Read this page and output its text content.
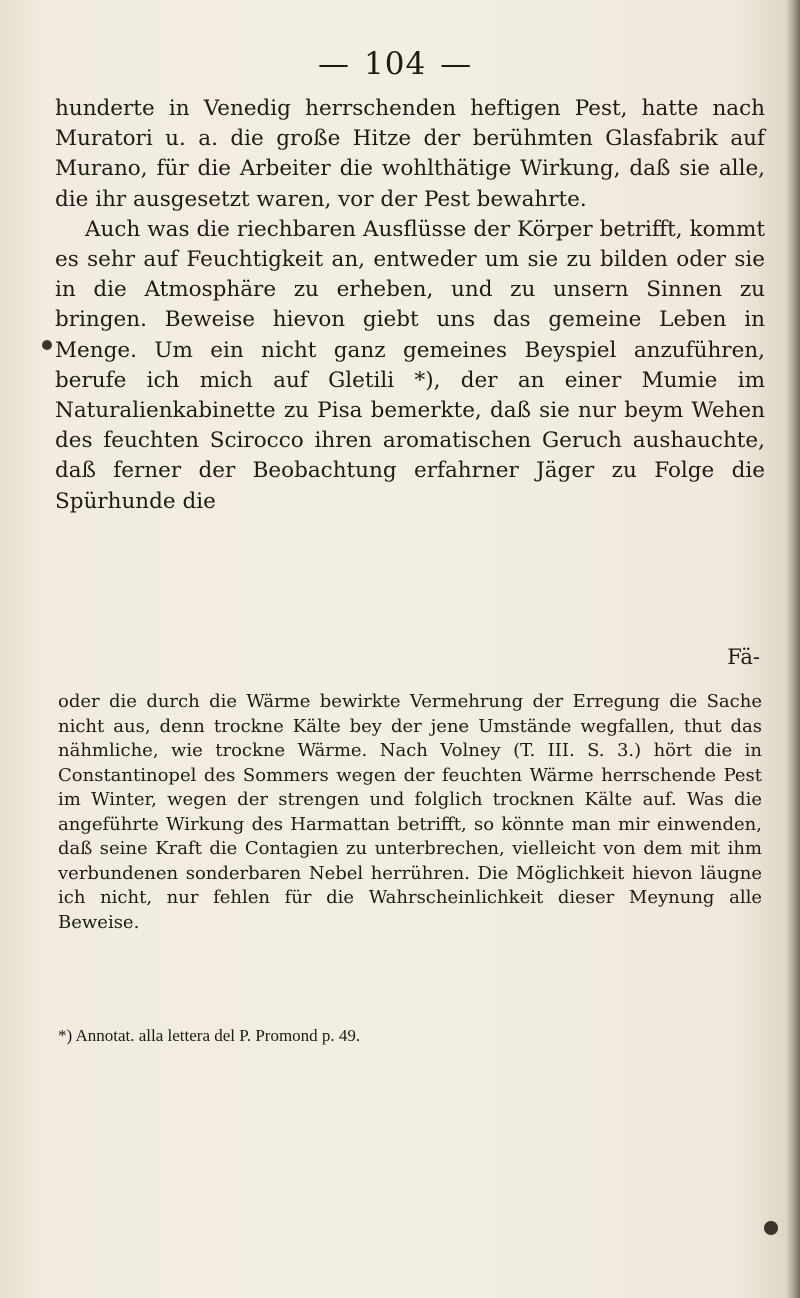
— 104 —

hunderte in Venedig herrschenden heftigen Pest, hatte nach Muratori u. a. die große Hitze der berühmten Glasfabrik auf Murano, für die Arbeiter die wohlthätige Wirkung, daß sie alle, die ihr ausgesetzt waren, vor der Pest bewahrte.

Auch was die riechbaren Ausflüsse der Körper betrifft, kommt es sehr auf Feuchtigkeit an, entweder um sie zu bilden oder sie in die Atmosphäre zu erheben, und zu unsern Sinnen zu bringen. Beweise hievon giebt uns das gemeine Leben in Menge. Um ein nicht ganz gemeines Beyspiel anzuführen, berufe ich mich auf Gletili *), der an einer Mumie im Naturalienkabinette zu Pisa bemerkte, daß sie nur beym Wehen des feuchten Scirocco ihren aromatischen Geruch aushauchte, daß ferner der Beobachtung erfahrner Jäger zu Folge die Spürhunde die

Fä-

oder die durch die Wärme bewirkte Vermehrung der Erregung die Sache nicht aus, denn trockne Kälte bey der jene Umstände wegfallen, thut das nähmliche, wie trockne Wärme. Nach Volney (T. III. S. 3.) hört die in Constantinopel des Sommers wegen der feuchten Wärme herrschende Pest im Winter, wegen der strengen und folglich trocknen Kälte auf. Was die angeführte Wirkung des Harmattan betrifft, so könnte man mir einwenden, daß seine Kraft die Contagien zu unterbrechen, vielleicht von dem mit ihm verbundenen sonderbaren Nebel herrühren. Die Möglichkeit hievon läugne ich nicht, nur fehlen für die Wahrscheinlichkeit dieser Meynung alle Beweise.

*) Annotat. alla lettera del P. Promond p. 49.
